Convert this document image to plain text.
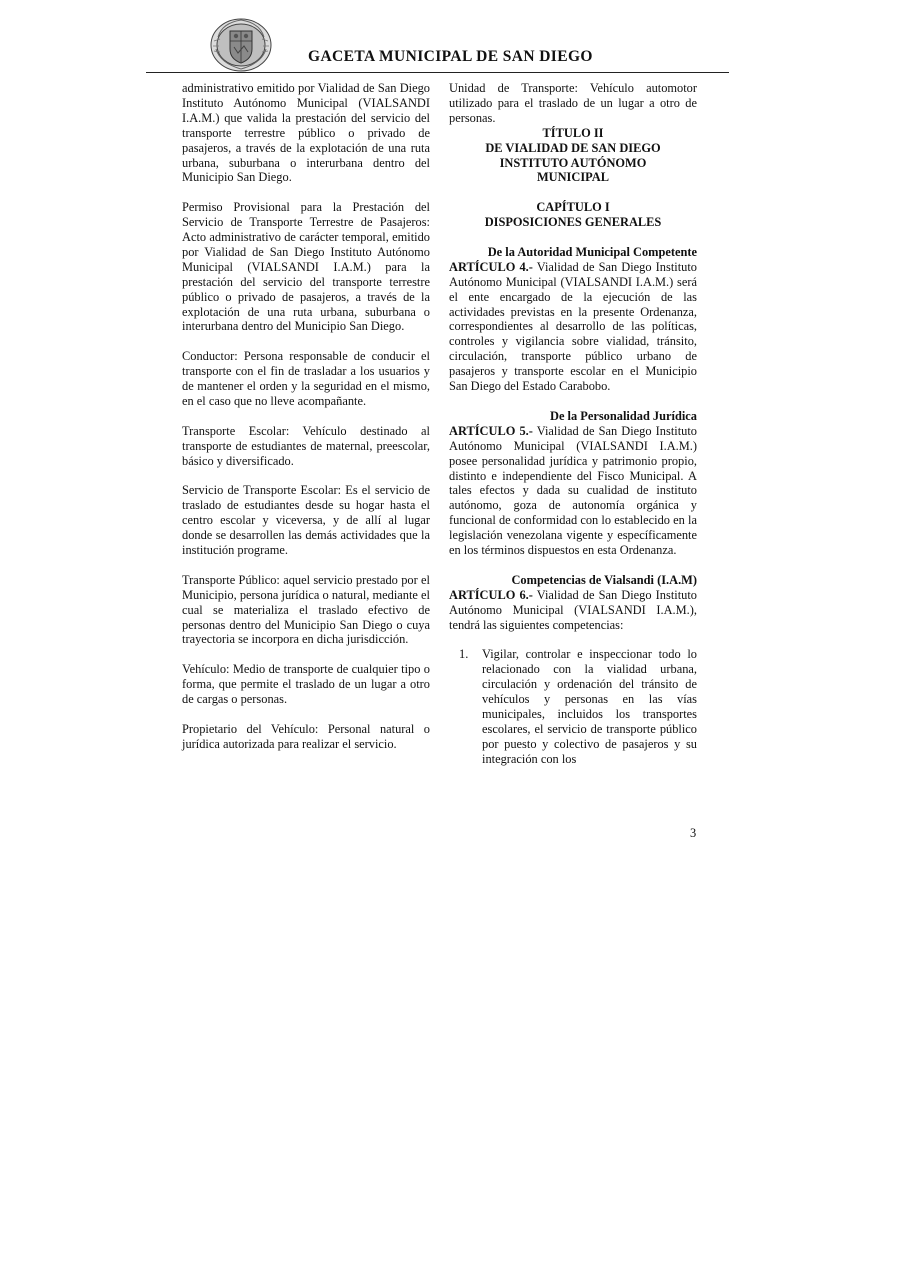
GACETA MUNICIPAL DE SAN DIEGO

administrativo emitido por Vialidad de San Diego Instituto Autónomo Municipal (VIALSANDI I.A.M.) que valida la prestación del servicio del transporte terrestre público o privado de pasajeros, a través de la explotación de una ruta urbana, suburbana o interurbana dentro del Municipio San Diego.

Permiso Provisional para la Prestación del Servicio de Transporte Terrestre de Pasajeros: Acto administrativo de carácter temporal, emitido por Vialidad de San Diego Instituto Autónomo Municipal (VIALSANDI I.A.M.) para la prestación del servicio del transporte terrestre público o privado de pasajeros, a través de la explotación de una ruta urbana, suburbana o interurbana dentro del Municipio San Diego.

Conductor: Persona responsable de conducir el transporte con el fin de trasladar a los usuarios y de mantener el orden y la seguridad en el mismo, en el caso que no lleve acompañante.

Transporte Escolar: Vehículo destinado al transporte de estudiantes de maternal, preescolar, básico y diversificado.

Servicio de Transporte Escolar: Es el servicio de traslado de estudiantes desde su hogar hasta el centro escolar y viceversa, y de allí al lugar donde se desarrollen las demás actividades que la institución programe.

Transporte Público: aquel servicio prestado por el Municipio, persona jurídica o natural, mediante el cual se materializa el traslado efectivo de personas dentro del Municipio San Diego o cuya trayectoria se incorpora en dicha jurisdicción.

Vehículo: Medio de transporte de cualquier tipo o forma, que permite el traslado de un lugar a otro de cargas o personas.

Propietario del Vehículo: Personal natural o jurídica autorizada para realizar el servicio.

Unidad de Transporte: Vehículo automotor utilizado para el traslado de un lugar a otro de personas.

TÍTULO II
DE VIALIDAD DE SAN DIEGO
INSTITUTO AUTÓNOMO
MUNICIPAL
CAPÍTULO I
DISPOSICIONES GENERALES
De la Autoridad Municipal Competente

ARTÍCULO 4.- Vialidad de San Diego Instituto Autónomo Municipal (VIALSANDI I.A.M.) será el ente encargado de la ejecución de las actividades previstas en la presente Ordenanza, correspondientes al desarrollo de las políticas, controles y vigilancia sobre vialidad, tránsito, circulación, transporte público urbano de pasajeros y transporte escolar en el Municipio San Diego del Estado Carabobo.

De la Personalidad Jurídica

ARTÍCULO 5.- Vialidad de San Diego Instituto Autónomo Municipal (VIALSANDI I.A.M.) posee personalidad jurídica y patrimonio propio, distinto e independiente del Fisco Municipal. A tales efectos y dada su cualidad de instituto autónomo, goza de autonomía orgánica y funcional de conformidad con lo establecido en la legislación venezolana vigente y específicamente en los términos dispuestos en esta Ordenanza.

Competencias de Vialsandi (I.A.M)

ARTÍCULO 6.- Vialidad de San Diego Instituto Autónomo Municipal (VIALSANDI I.A.M.), tendrá las siguientes competencias:

1. Vigilar, controlar e inspeccionar todo lo relacionado con la vialidad urbana, circulación y ordenación del tránsito de vehículos y personas en las vías municipales, incluidos los transportes escolares, el servicio de transporte público por puesto y colectivo de pasajeros y su integración con los
3
